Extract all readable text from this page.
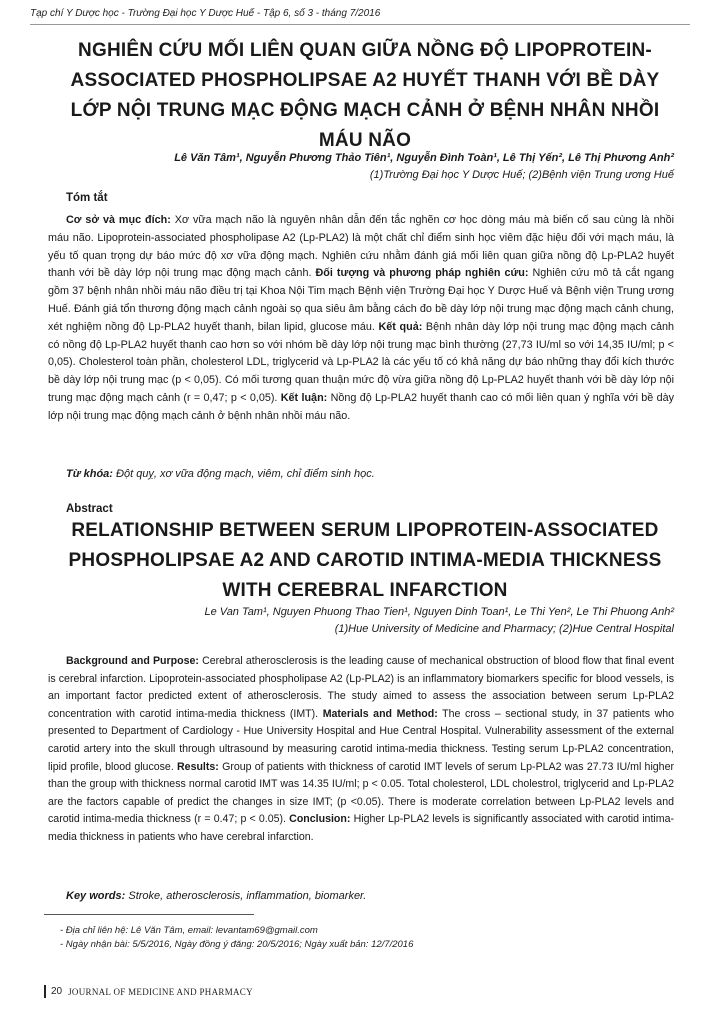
Tạp chí Y Dược học - Trường Đại học Y Dược Huế - Tập 6, số 3 - tháng 7/2016
NGHIÊN CỨU MỐI LIÊN QUAN GIỮA NỒNG ĐỘ LIPOPROTEIN-ASSOCIATED PHOSPHOLIPSAE A2 HUYẾT THANH VỚI BỀ DÀY LỚP NỘI TRUNG MẠC ĐỘNG MẠCH CẢNH Ở BỆNH NHÂN NHỒI MÁU NÃO
Lê Văn Tâm¹, Nguyễn Phương Thảo Tiên¹, Nguyễn Đình Toàn¹, Lê Thị Yến², Lê Thị Phương Anh²
(1)Trường Đại học Y Dược Huế; (2)Bệnh viện Trung ương Huế
Tóm tắt
Cơ sở và mục đích: Xơ vữa mạch não là nguyên nhân dẫn đến tắc nghẽn cơ học dòng máu mà biến cố sau cùng là nhồi máu não. Lipoprotein-associated phospholipase A2 (Lp-PLA2) là một chất chỉ điểm sinh học viêm đặc hiệu đối với mạch máu, là yếu tố quan trọng dự báo mức độ xơ vữa động mạch. Nghiên cứu nhằm đánh giá mối liên quan giữa nồng độ Lp-PLA2 huyết thanh với bề dày lớp nội trung mạc động mạch cảnh. Đối tượng và phương pháp nghiên cứu: Nghiên cứu mô tả cắt ngang gồm 37 bệnh nhân nhồi máu não điều trị tại Khoa Nội Tim mạch Bệnh viện Trường Đại học Y Dược Huế và Bệnh viện Trung ương Huế. Đánh giá tổn thương động mạch cảnh ngoài sọ qua siêu âm bằng cách đo bề dày lớp nội trung mạc động mạch cảnh chung, xét nghiệm nồng độ Lp-PLA2 huyết thanh, bilan lipid, glucose máu. Kết quả: Bệnh nhân dày lớp nội trung mạc động mạch cảnh có nồng độ Lp-PLA2 huyết thanh cao hơn so với nhóm bề dày lớp nội trung mạc bình thường (27,73 IU/ml so với 14,35 IU/ml; p < 0,05). Cholesterol toàn phần, cholesterol LDL, triglycerid và Lp-PLA2 là các yếu tố có khả năng dự báo những thay đổi kích thước bề dày lớp nội trung mạc (p < 0,05). Có mối tương quan thuận mức độ vừa giữa nồng độ Lp-PLA2 huyết thanh với bề dày lớp nội trung mạc động mạch cảnh (r = 0,47; p < 0,05). Kết luận: Nồng độ Lp-PLA2 huyết thanh cao có mối liên quan ý nghĩa với bề dày lớp nội trung mạc động mạch cảnh ở bệnh nhân nhồi máu não.
Từ khóa: Đột quỵ, xơ vữa động mạch, viêm, chỉ điểm sinh học.
Abstract
RELATIONSHIP BETWEEN SERUM LIPOPROTEIN-ASSOCIATED PHOSPHOLIPSAE A2 AND CAROTID INTIMA-MEDIA THICKNESS WITH CEREBRAL INFARCTION
Le Van Tam¹, Nguyen Phuong Thao Tien¹, Nguyen Dinh Toan¹, Le Thi Yen², Le Thi Phuong Anh²
(1)Hue University of Medicine and Pharmacy; (2)Hue Central Hospital
Background and Purpose: Cerebral atherosclerosis is the leading cause of mechanical obstruction of blood flow that final event is cerebral infarction. Lipoprotein-associated phospholipase A2 (Lp-PLA2) is an inflammatory biomarkers specific for blood vessels, is an important factor predicted extent of atherosclerosis. The study aimed to assess the association between serum Lp-PLA2 concentration with carotid intima-media thickness (IMT). Materials and Method: The cross – sectional study, in 37 patients who presented to Department of Cardiology - Hue University Hospital and Hue Central Hospital. Vulnerability assessment of the external carotid artery into the skull through ultrasound by measuring carotid intima-media thickness. Testing serum Lp-PLA2 concentration, lipid profile, blood glucose. Results: Group of patients with thickness of carotid IMT levels of serum Lp-PLA2 was 27.73 IU/ml higher than the group with thickness normal carotid IMT was 14.35 IU/ml; p < 0.05. Total cholesterol, LDL cholestrol, triglycerid and Lp-PLA2 are the factors capable of predict the changes in size IMT; (p <0.05). There is moderate correlation between Lp-PLA2 levels and carotid intima-media thickness (r = 0.47; p < 0.05). Conclusion: Higher Lp-PLA2 levels is significantly associated with carotid intima-media thickness in patients who have cerebral infarction.
Key words: Stroke, atherosclerosis, inflammation, biomarker.
- Địa chỉ liên hệ: Lê Văn Tâm, email: levantam69@gmail.com
- Ngày nhận bài: 5/5/2016, Ngày đồng ý đăng: 20/5/2016; Ngày xuất bản: 12/7/2016
20 JOURNAL OF MEDICINE AND PHARMACY
